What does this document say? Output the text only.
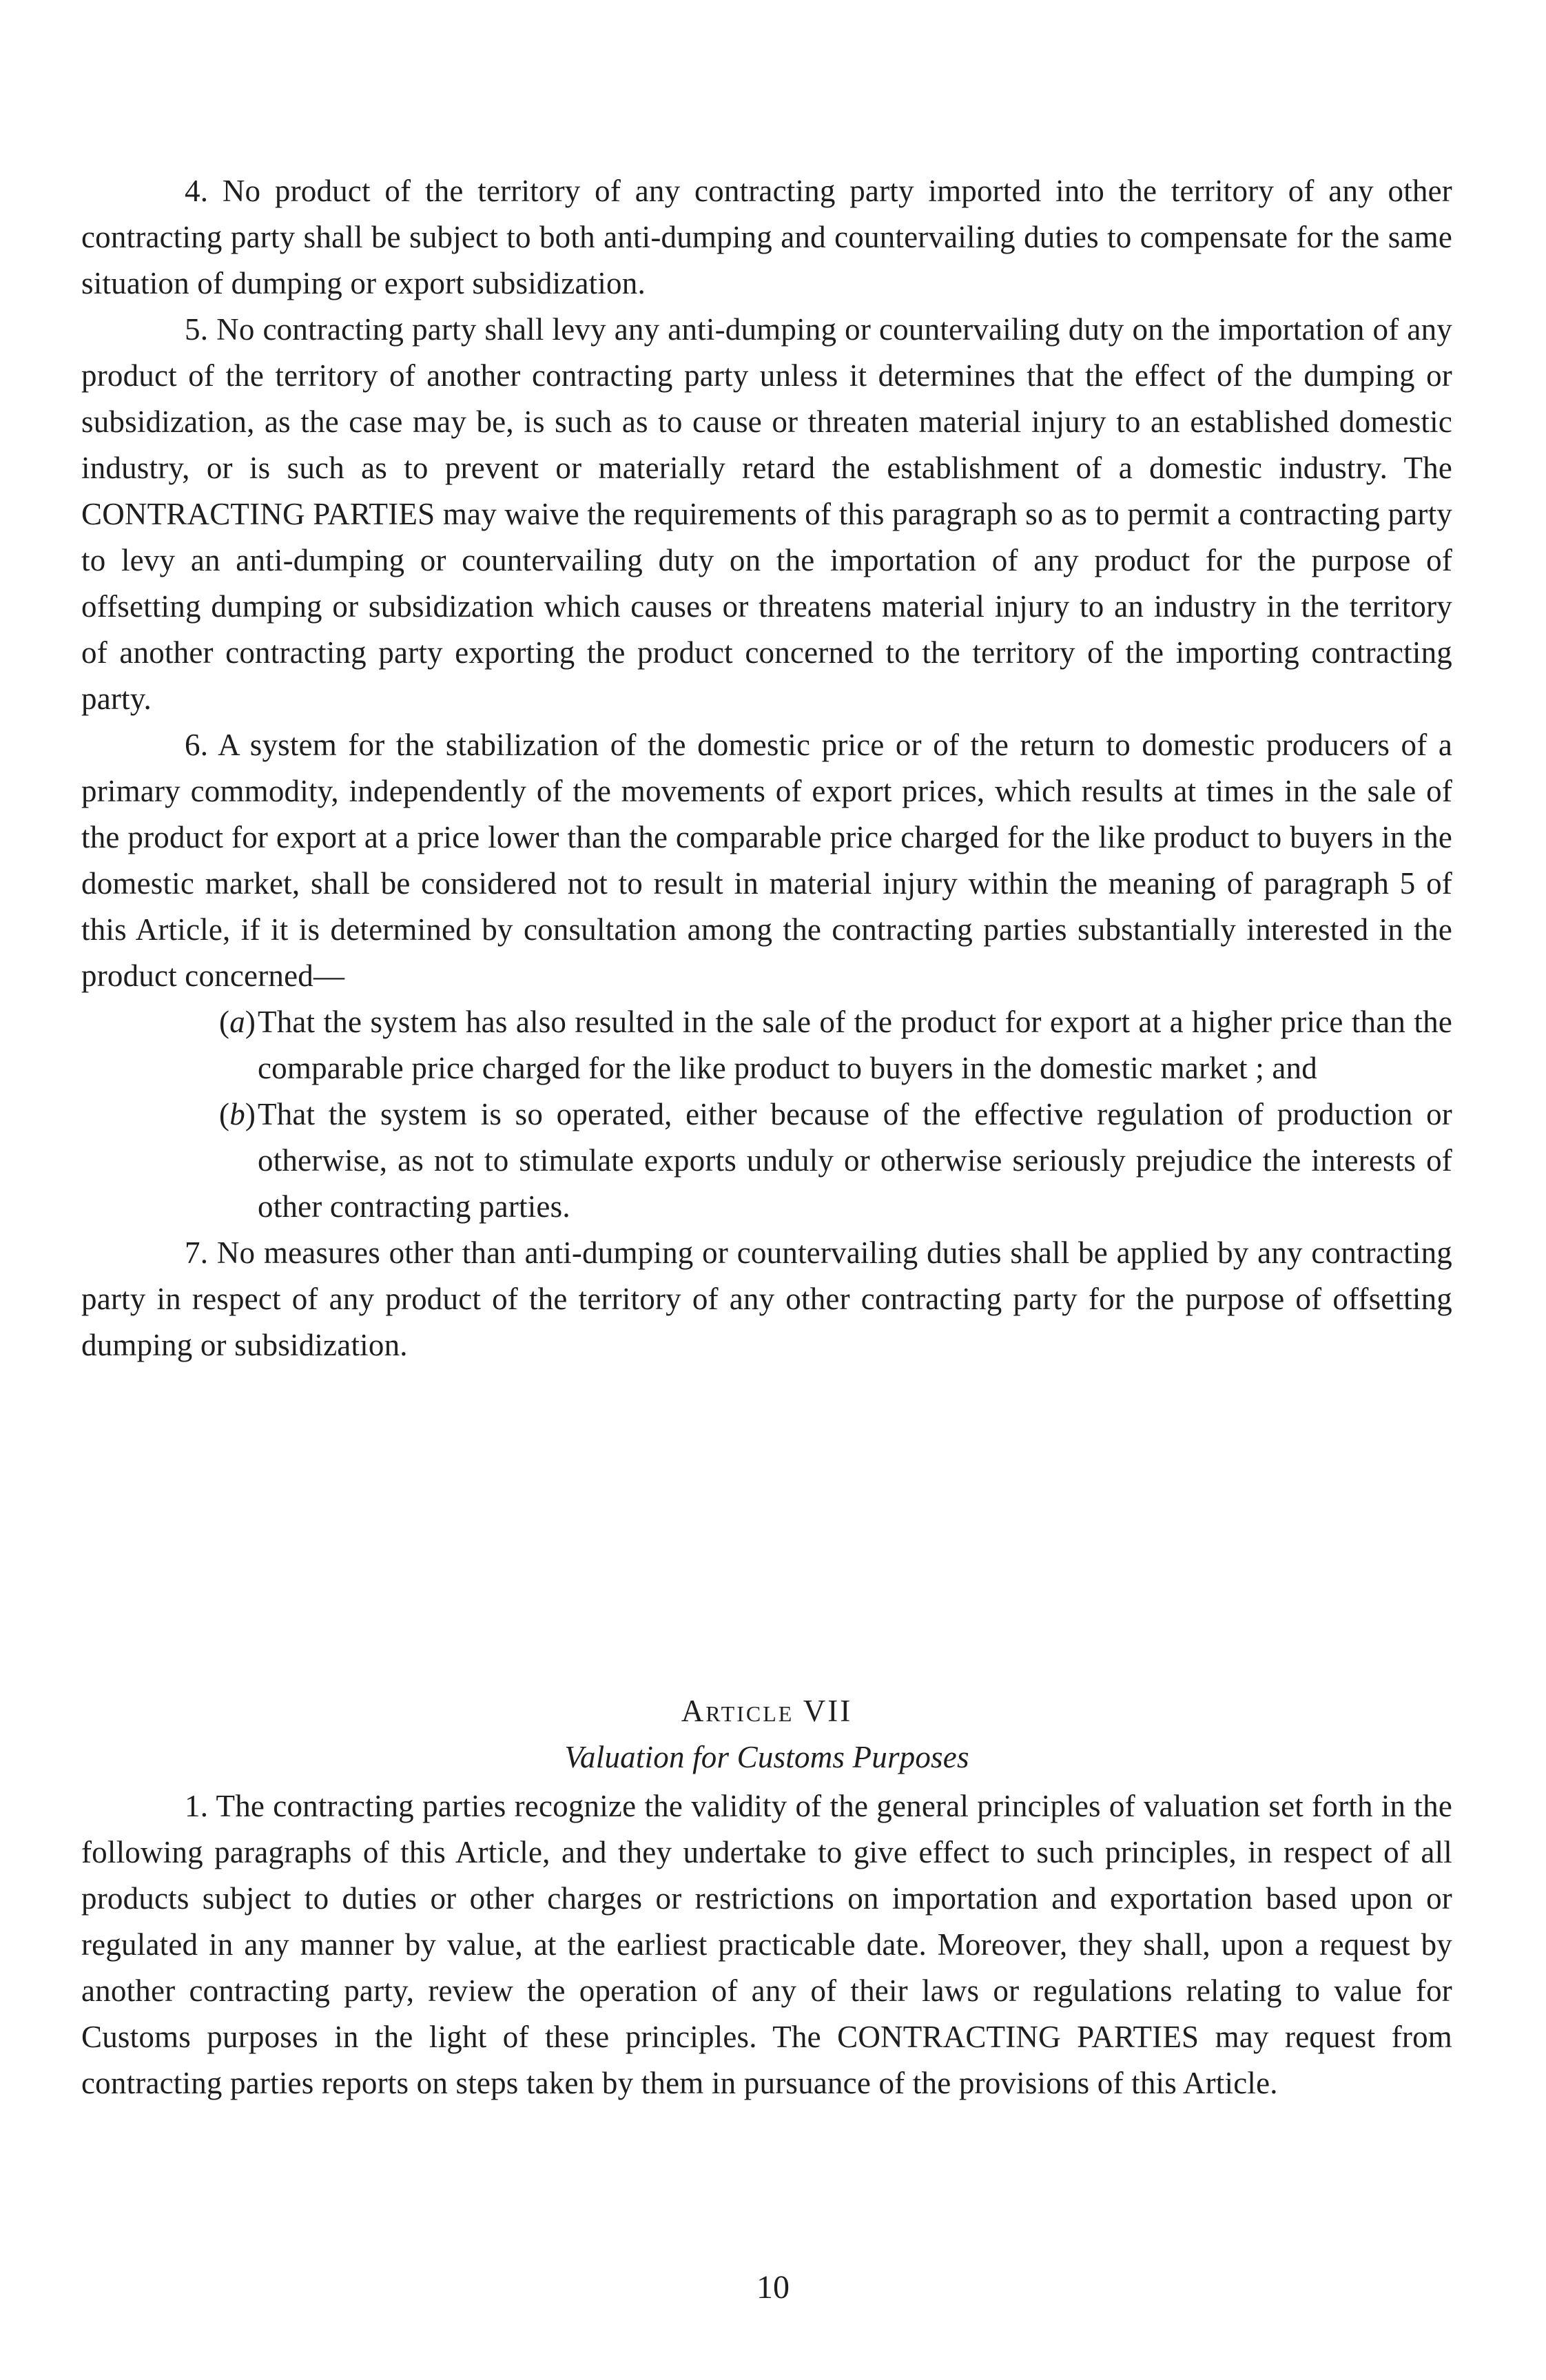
4. No product of the territory of any contracting party imported into the territory of any other contracting party shall be subject to both anti-dumping and countervailing duties to compensate for the same situation of dumping or export subsidization.

5. No contracting party shall levy any anti-dumping or countervailing duty on the importation of any product of the territory of another contracting party unless it determines that the effect of the dumping or subsidization, as the case may be, is such as to cause or threaten material injury to an established domestic industry, or is such as to prevent or materially retard the establishment of a domestic industry. The CONTRACTING PARTIES may waive the requirements of this paragraph so as to permit a contracting party to levy an anti-dumping or countervailing duty on the importation of any product for the purpose of offsetting dumping or subsidization which causes or threatens material injury to an industry in the territory of another contracting party exporting the product concerned to the territory of the importing contracting party.

6. A system for the stabilization of the domestic price or of the return to domestic producers of a primary commodity, independently of the movements of export prices, which results at times in the sale of the product for export at a price lower than the comparable price charged for the like product to buyers in the domestic market, shall be considered not to result in material injury within the meaning of paragraph 5 of this Article, if it is determined by consultation among the contracting parties substantially interested in the product concerned—

(a) That the system has also resulted in the sale of the product for export at a higher price than the comparable price charged for the like product to buyers in the domestic market ; and
(b) That the system is so operated, either because of the effective regulation of production or otherwise, as not to stimulate exports unduly or otherwise seriously prejudice the interests of other contracting parties.

7. No measures other than anti-dumping or countervailing duties shall be applied by any contracting party in respect of any product of the territory of any other contracting party for the purpose of offsetting dumping or subsidization.

Article VII

Valuation for Customs Purposes

1. The contracting parties recognize the validity of the general principles of valuation set forth in the following paragraphs of this Article, and they undertake to give effect to such principles, in respect of all products subject to duties or other charges or restrictions on importation and exportation based upon or regulated in any manner by value, at the earliest practicable date. Moreover, they shall, upon a request by another contracting party, review the operation of any of their laws or regulations relating to value for Customs purposes in the light of these principles. The CONTRACTING PARTIES may request from contracting parties reports on steps taken by them in pursuance of the provisions of this Article.

10
